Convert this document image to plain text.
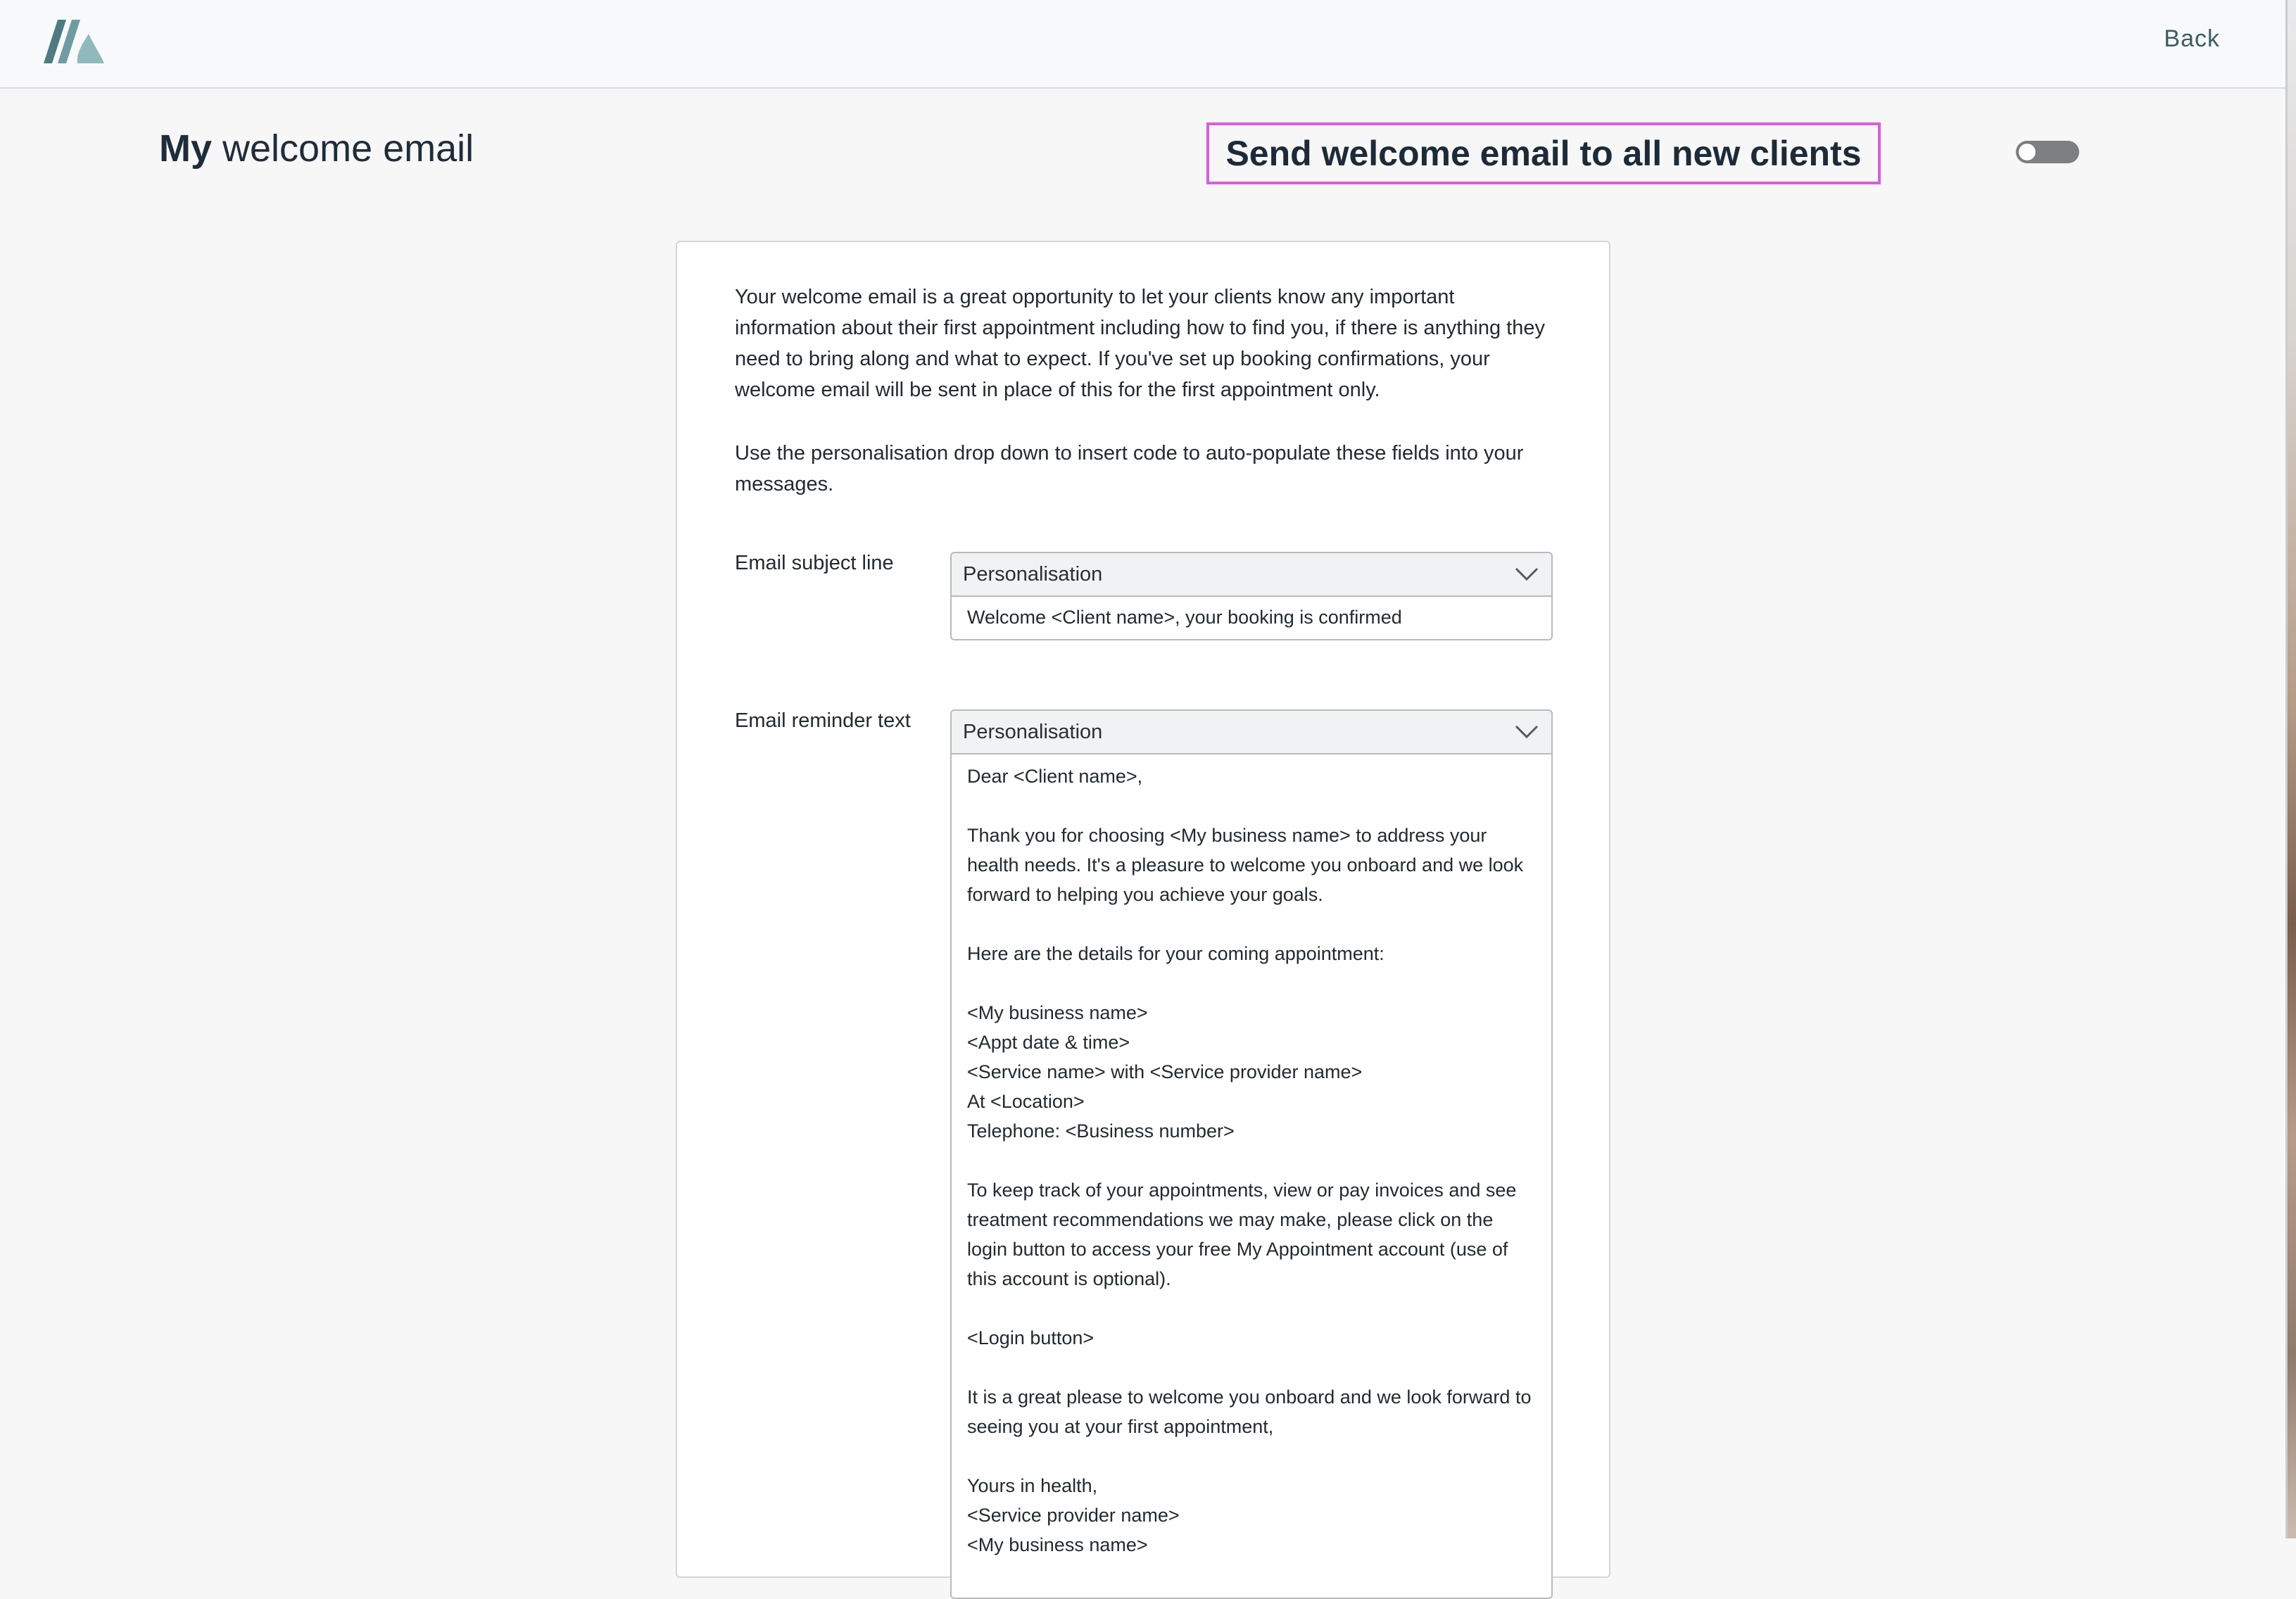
Back
My welcome email	Send welcome email to all new clients

Your welcome email is a great opportunity to let your clients know any important information about their first appointment including how to find you, if there is anything they need to bring along and what to expect. If you've set up booking confirmations, your welcome email will be sent in place of this for the first appointment only.

Use the personalisation drop down to insert code to auto-populate these fields into your messages.

Email subject line	Personalisation
Welcome <Client name>, your booking is confirmed
Email reminder text	Personalisation
Dear <Client name>,

Thank you for choosing <My business name> to address your health needs. It's a pleasure to welcome you onboard and we look forward to helping you achieve your goals.

Here are the details for your coming appointment:

<My business name>
<Appt date & time>
<Service name> with <Service provider name>
At <Location>
Telephone: <Business number>

To keep track of your appointments, view or pay invoices and see treatment recommendations we may make, please click on the login button to access your free My Appointment account (use of this account is optional).

<Login button>

It is a great please to welcome you onboard and we look forward to seeing you at your first appointment,

Yours in health,
<Service provider name>
<My business name>
